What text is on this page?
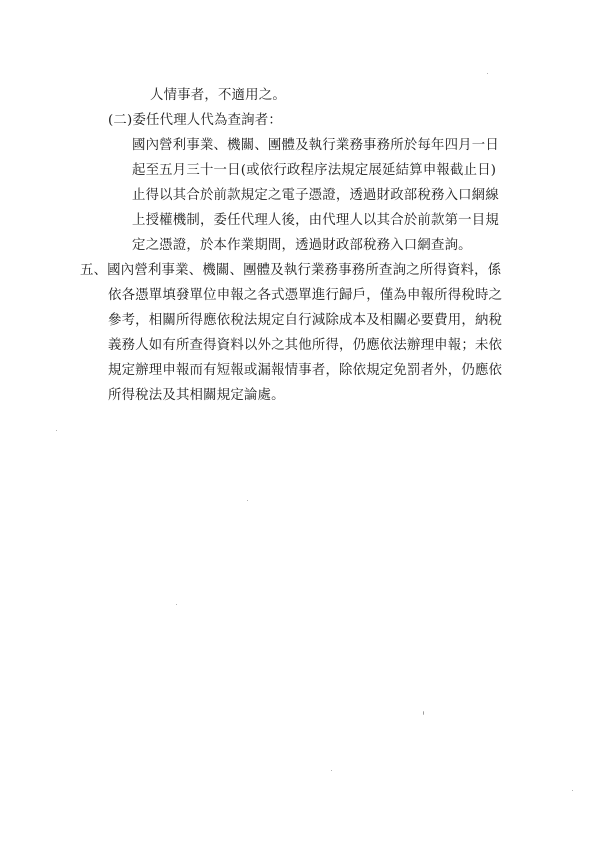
人情事者，不適用之。
(二)委任代理人代為查詢者：
國內營利事業、機關、團體及執行業務事務所於每年四月一日
起至五月三十一日(或依行政程序法規定展延結算申報截止日)
止得以其合於前款規定之電子憑證，透過財政部稅務入口網線
上授權機制，委任代理人後，由代理人以其合於前款第一目規
定之憑證，於本作業期間，透過財政部稅務入口網查詢。
五、國內營利事業、機關、團體及執行業務事務所查詢之所得資料，係
依各憑單填發單位申報之各式憑單進行歸戶，僅為申報所得稅時之
參考，相關所得應依稅法規定自行減除成本及相關必要費用，納稅
義務人如有所查得資料以外之其他所得，仍應依法辦理申報；未依
規定辦理申報而有短報或漏報情事者，除依規定免罰者外，仍應依
所得稅法及其相關規定論處。
